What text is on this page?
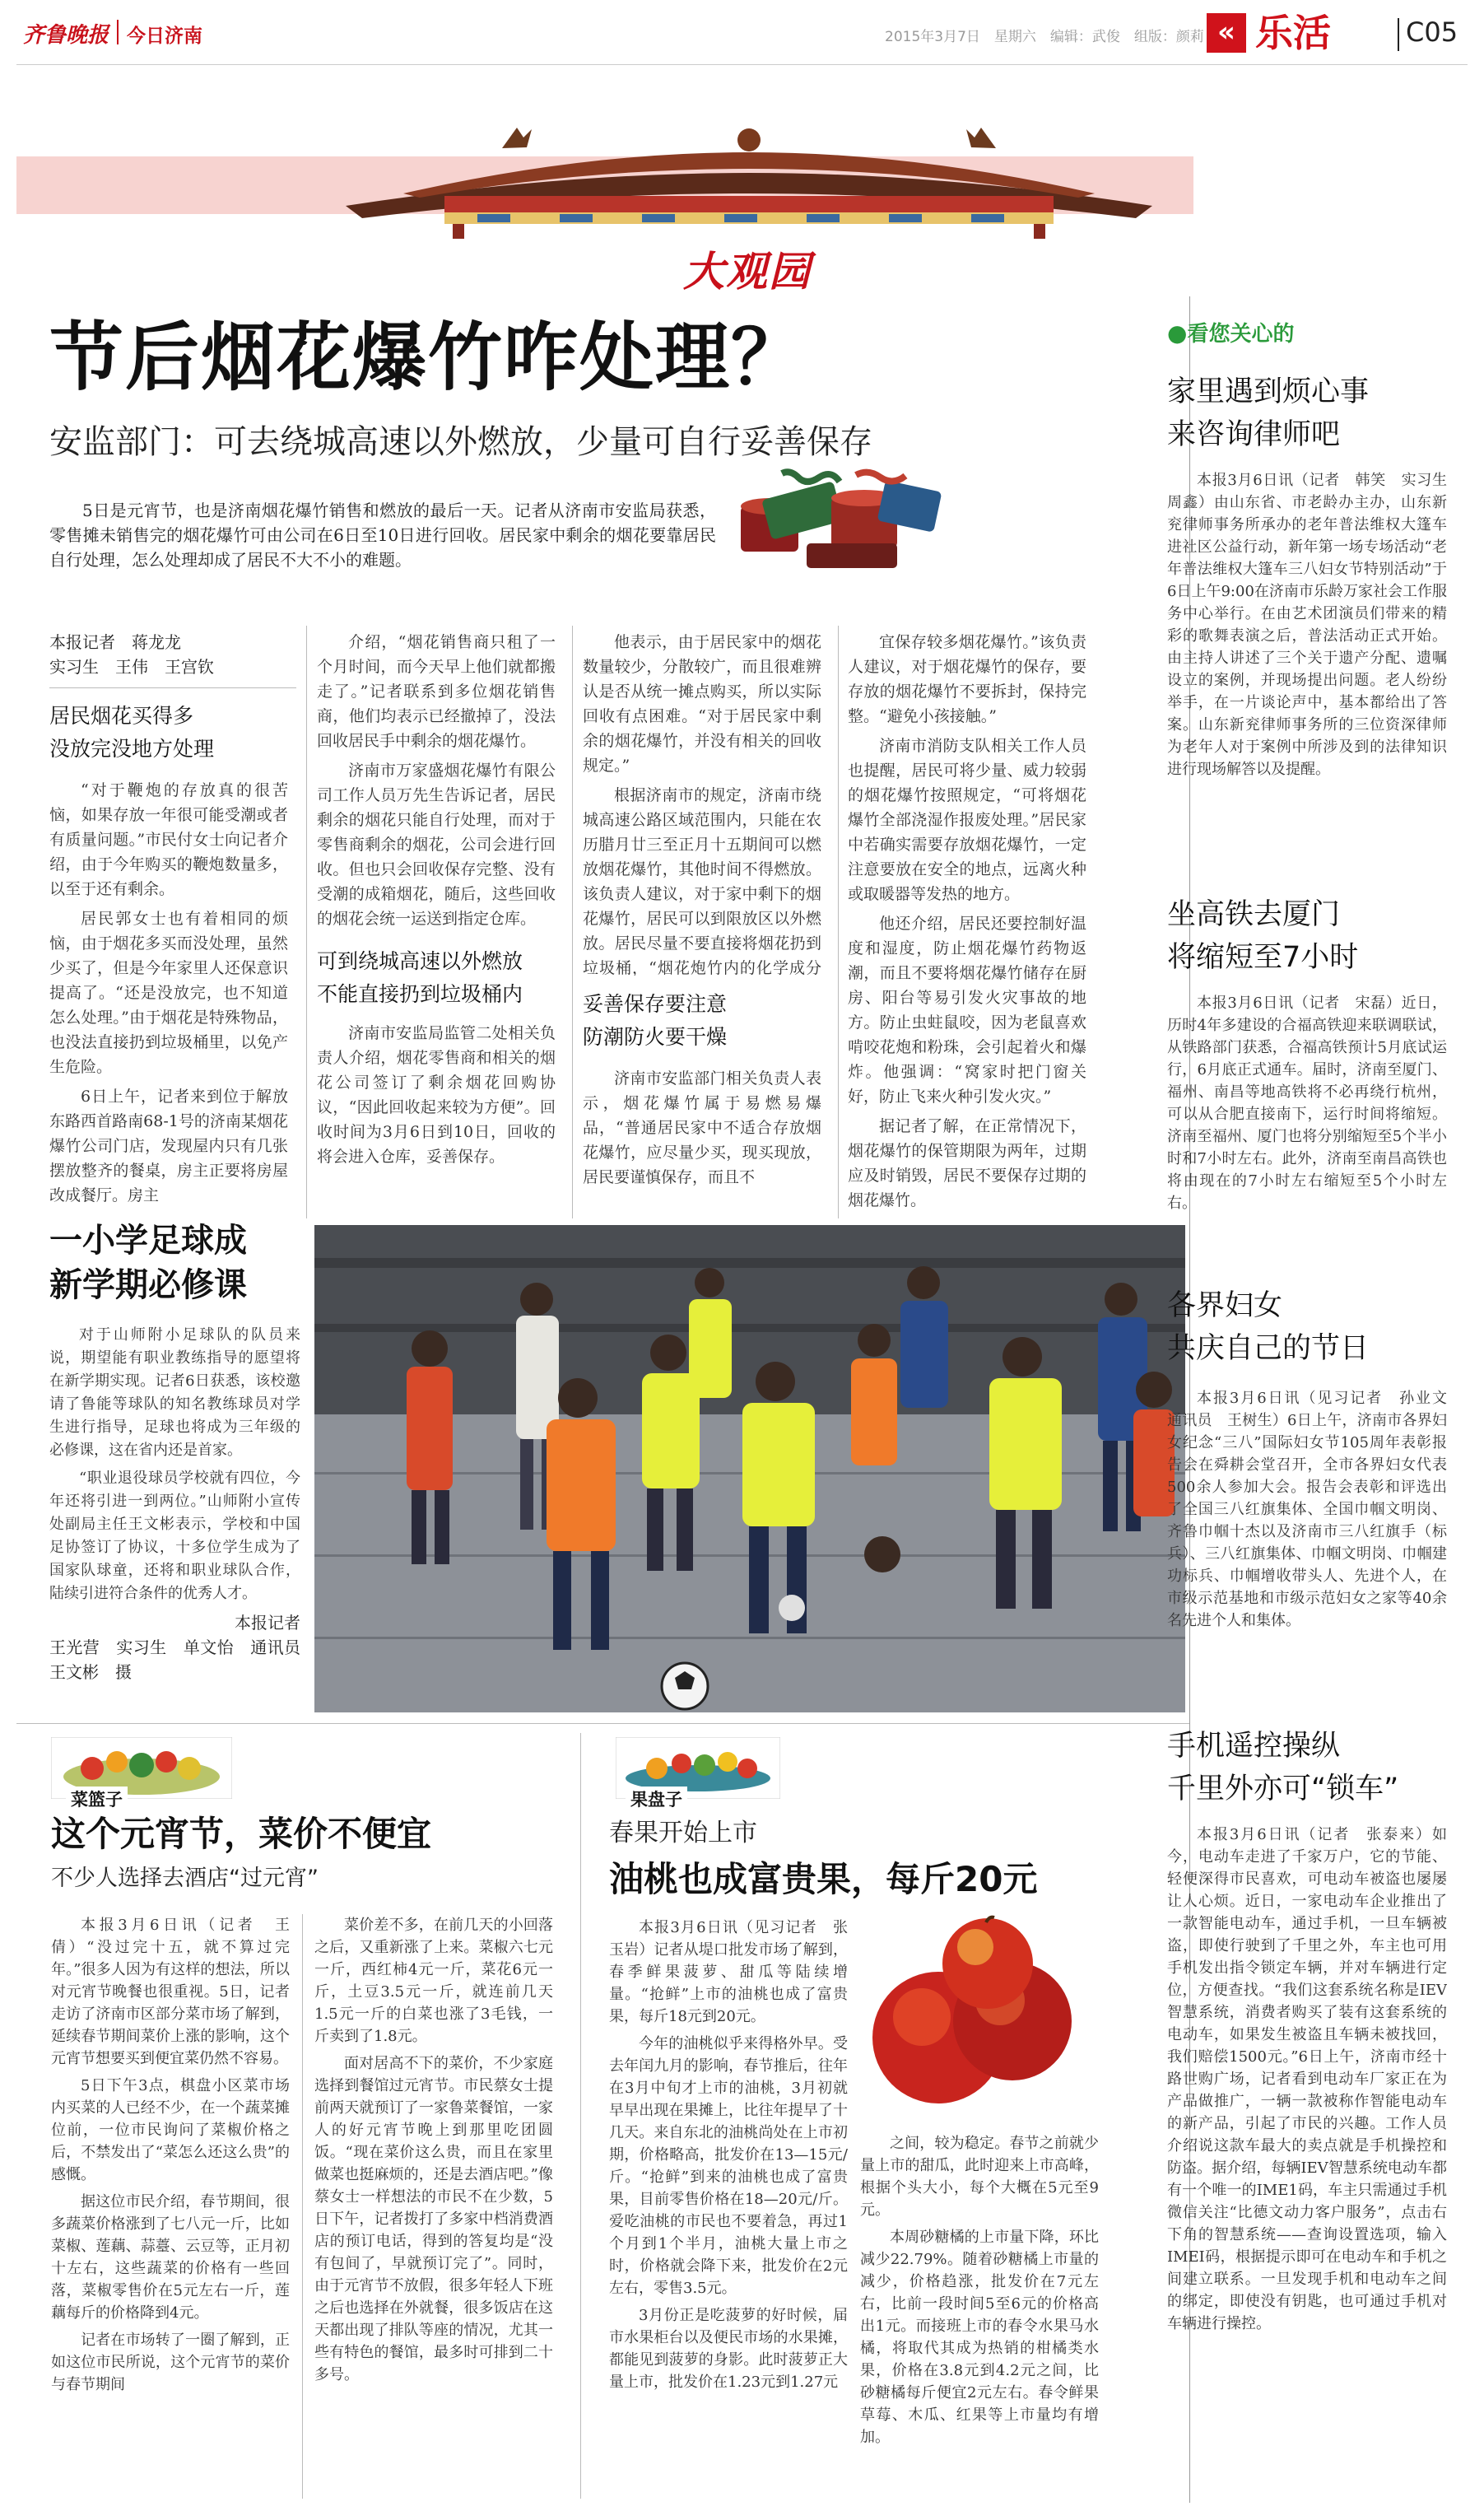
齐鲁晚报 今日济南	2015年3月7日　星期六　编辑：武俊　组版：颜莉 « 乐活	C05
大观园
节后烟花爆竹咋处理？
安监部门：可去绕城高速以外燃放，少量可自行妥善保存

5日是元宵节，也是济南烟花爆竹销售和燃放的最后一天。记者从济南市安监局获悉，零售摊未销售完的烟花爆竹可由公司在6日至10日进行回收。居民家中剩余的烟花要靠居民自行处理，怎么处理却成了居民不大不小的难题。

本报记者　蒋龙龙
实习生　王伟　王宫钦
居民烟花买得多
没放完没地方处理

“对于鞭炮的存放真的很苦恼，如果存放一年很可能受潮或者有质量问题。”市民付女士向记者介绍，由于今年购买的鞭炮数量多，以至于还有剩余。

居民郭女士也有着相同的烦恼，由于烟花多买而没处理，虽然少买了，但是今年家里人还保意识提高了。“还是没放完，也不知道怎么处理。”由于烟花是特殊物品，也没法直接扔到垃圾桶里，以免产生危险。

6日上午，记者来到位于解放东路西首路南68-1号的济南某烟花爆竹公司门店，发现屋内只有几张摆放整齐的餐桌，房主正要将房屋改成餐厅。房主

介绍，“烟花销售商只租了一个月时间，而今天早上他们就都搬走了。”记者联系到多位烟花销售商，他们均表示已经撤掉了，没法回收居民手中剩余的烟花爆竹。

济南市万家盛烟花爆竹有限公司工作人员万先生告诉记者，居民剩余的烟花只能自行处理，而对于零售商剩余的烟花，公司会进行回收。但也只会回收保存完整、没有受潮的成箱烟花，随后，这些回收的烟花会统一运送到指定仓库。

可到绕城高速以外燃放
不能直接扔到垃圾桶内

济南市安监局监管二处相关负责人介绍，烟花零售商和相关的烟花公司签订了剩余烟花回购协议，“因此回收起来较为方便”。回收时间为3月6日到10日，回收的将会进入仓库，妥善保存。

他表示，由于居民家中的烟花数量较少，分散较广，而且很难辨认是否从统一摊点购买，所以实际回收有点困难。“对于居民家中剩余的烟花爆竹，并没有相关的回收规定。”

根据济南市的规定，济南市绕城高速公路区域范围内，只能在农历腊月廿三至正月十五期间可以燃放烟花爆竹，其他时间不得燃放。该负责人建议，对于家中剩下的烟花爆竹，居民可以到限放区以外燃放。居民尽量不要直接将烟花扔到垃圾桶，“烟花炮竹内的化学成分

妥善保存要注意
防潮防火要干燥

济南市安监部门相关负责人表示，烟花爆竹属于易燃易爆品，“普通居民家中不适合存放烟花爆竹，应尽量少买，现买现放，居民要谨慎保存，而且不

宜保存较多烟花爆竹。”该负责人建议，对于烟花爆竹的保存，要存放的烟花爆竹不要拆封，保持完整。“避免小孩接触。”

济南市消防支队相关工作人员也提醒，居民可将少量、威力较弱的烟花爆竹按照规定，“可将烟花爆竹全部浇湿作报废处理。”居民家中若确实需要存放烟花爆竹，一定注意要放在安全的地点，远离火种或取暖器等发热的地方。

他还介绍，居民还要控制好温度和湿度，防止烟花爆竹药物返潮，而且不要将烟花爆竹储存在厨房、阳台等易引发火灾事故的地方。防止虫蛀鼠咬，因为老鼠喜欢啃咬花炮和粉珠，会引起着火和爆炸。他强调：“窝家时把门窗关好，防止飞来火种引发火灾。”

据记者了解，在正常情况下，烟花爆竹的保管期限为两年，过期应及时销毁，居民不要保存过期的烟花爆竹。

一小学足球成
新学期必修课

对于山师附小足球队的队员来说，期望能有职业教练指导的愿望将在新学期实现。记者6日获悉，该校邀请了鲁能等球队的知名教练球员对学生进行指导，足球也将成为三年级的必修课，这在省内还是首家。

“职业退役球员学校就有四位，今年还将引进一到两位。”山师附小宣传处副局主任王文彬表示，学校和中国足协签订了协议，十多位学生成为了国家队球童，还将和职业球队合作，陆续引进符合条件的优秀人才。

本报记者
王光营　实习生　单文怡　通讯员　王文彬　摄
菜篮子
这个元宵节，菜价不便宜
不少人选择去酒店“过元宵”

本报3月6日讯（记者　王倩）“没过完十五，就不算过完年。”很多人因为有这样的想法，所以对元宵节晚餐也很重视。5日，记者走访了济南市区部分菜市场了解到，延续春节期间菜价上涨的影响，这个元宵节想要买到便宜菜仍然不容易。

5日下午3点，棋盘小区菜市场内买菜的人已经不少，在一个蔬菜摊位前，一位市民询问了菜椒价格之后，不禁发出了“菜怎么还这么贵”的感慨。

据这位市民介绍，春节期间，很多蔬菜价格涨到了七八元一斤，比如菜椒、莲藕、蒜薹、云豆等，正月初十左右，这些蔬菜的价格有一些回落，菜椒零售价在5元左右一斤，莲藕每斤的价格降到4元。

记者在市场转了一圈了解到，正如这位市民所说，这个元宵节的菜价与春节期间

菜价差不多，在前几天的小回落之后，又重新涨了上来。菜椒六七元一斤，西红柿4元一斤，菜花6元一斤，土豆3.5元一斤，就连前几天1.5元一斤的白菜也涨了3毛钱，一斤卖到了1.8元。

面对居高不下的菜价，不少家庭选择到餐馆过元宵节。市民蔡女士提前两天就预订了一家鲁菜餐馆，一家人的好元宵节晚上到那里吃团圆饭。“现在菜价这么贵，而且在家里做菜也挺麻烦的，还是去酒店吧。”像蔡女士一样想法的市民不在少数，5日下午，记者拨打了多家中档消费酒店的预订电话，得到的答复均是“没有包间了，早就预订完了”。同时，由于元宵节不放假，很多年轻人下班之后也选择在外就餐，很多饭店在这天都出现了排队等座的情况，尤其一些有特色的餐馆，最多时可排到二十多号。

果盘子
春果开始上市
油桃也成富贵果，每斤20元

本报3月6日讯（见习记者　张玉岩）记者从堤口批发市场了解到，春季鲜果菠萝、甜瓜等陆续增量。“抢鲜”上市的油桃也成了富贵果，每斤18元到20元。

今年的油桃似乎来得格外早。受去年闰九月的影响，春节推后，往年在3月中旬才上市的油桃，3月初就早早出现在果摊上，比往年提早了十几天。来自东北的油桃尚处在上市初期，价格略高，批发价在13—15元/斤。“抢鲜”到来的油桃也成了富贵果，目前零售价格在18—20元/斤。爱吃油桃的市民也不要着急，再过1个月到1个半月，油桃大量上市之时，价格就会降下来，批发价在2元左右，零售3.5元。

3月份正是吃菠萝的好时候，届市水果柜台以及便民市场的水果摊，都能见到菠萝的身影。此时菠萝正大量上市，批发价在1.23元到1.27元

之间，较为稳定。春节之前就少量上市的甜瓜，此时迎来上市高峰，根据个头大小，每个大概在5元至9元。

本周砂糖橘的上市量下降，环比减少22.79%。随着砂糖橘上市量的减少，价格趋涨，批发价在7元左右，比前一段时间5至6元的价格高出1元。而接班上市的春令水果马水橘，将取代其成为热销的柑橘类水果，价格在3.8元到4.2元之间，比砂糖橘每斤便宜2元左右。春令鲜果草莓、木瓜、红果等上市量均有增加。

●看您关心的
家里遇到烦心事
来咨询律师吧

本报3月6日讯（记者　韩笑　实习生　周鑫）由山东省、市老龄办主办，山东新兖律师事务所承办的老年普法维权大篷车进社区公益行动，新年第一场专场活动“老年普法维权大篷车三八妇女节特别活动”于6日上午9:00在济南市乐龄万家社会工作服务中心举行。在由艺术团演员们带来的精彩的歌舞表演之后，普法活动正式开始。由主持人讲述了三个关于遗产分配、遗嘱设立的案例，并现场提出问题。老人纷纷举手，在一片谈论声中，基本都给出了答案。山东新兖律师事务所的三位资深律师为老年人对于案例中所涉及到的法律知识进行现场解答以及提醒。

坐高铁去厦门
将缩短至7小时

本报3月6日讯（记者　宋磊）近日，历时4年多建设的合福高铁迎来联调联试，从铁路部门获悉，合福高铁预计5月底试运行，6月底正式通车。届时，济南至厦门、福州、南昌等地高铁将不必再绕行杭州，可以从合肥直接南下，运行时间将缩短。济南至福州、厦门也将分别缩短至5个半小时和7小时左右。此外，济南至南昌高铁也将由现在的7小时左右缩短至5个小时左右。

各界妇女
共庆自己的节日

本报3月6日讯（见习记者　孙业文　通讯员　王树生）6日上午，济南市各界妇女纪念“三八”国际妇女节105周年表彰报告会在舜耕会堂召开，全市各界妇女代表500余人参加大会。报告会表彰和评选出了全国三八红旗集体、全国巾帼文明岗、齐鲁巾帼十杰以及济南市三八红旗手（标兵）、三八红旗集体、巾帼文明岗、巾帼建功标兵、巾帼增收带头人、先进个人，在市级示范基地和市级示范妇女之家等40余名先进个人和集体。

手机遥控操纵
千里外亦可“锁车”

本报3月6日讯（记者　张泰来）如今，电动车走进了千家万户，它的节能、轻便深得市民喜欢，可电动车被盗也屡屡让人心烦。近日，一家电动车企业推出了一款智能电动车，通过手机，一旦车辆被盗，即使行驶到了千里之外，车主也可用手机发出指令锁定车辆，并对车辆进行定位，方便查找。“我们这套系统名称是IEV智慧系统，消费者购买了装有这套系统的电动车，如果发生被盗且车辆未被找回，我们赔偿1500元。”6日上午，济南市经十路世购广场，记者看到电动车厂家正在为产品做推广，一辆一款被称作智能电动车的新产品，引起了市民的兴趣。工作人员介绍说这款车最大的卖点就是手机操控和防盗。据介绍，每辆IEV智慧系统电动车都有一个唯一的IME1码，车主只需通过手机微信关注“比德文动力客户服务”，点击右下角的智慧系统——查询设置选项，输入IMEI码，根据提示即可在电动车和手机之间建立联系。一旦发现手机和电动车之间的绑定，即使没有钥匙，也可通过手机对车辆进行操控。
